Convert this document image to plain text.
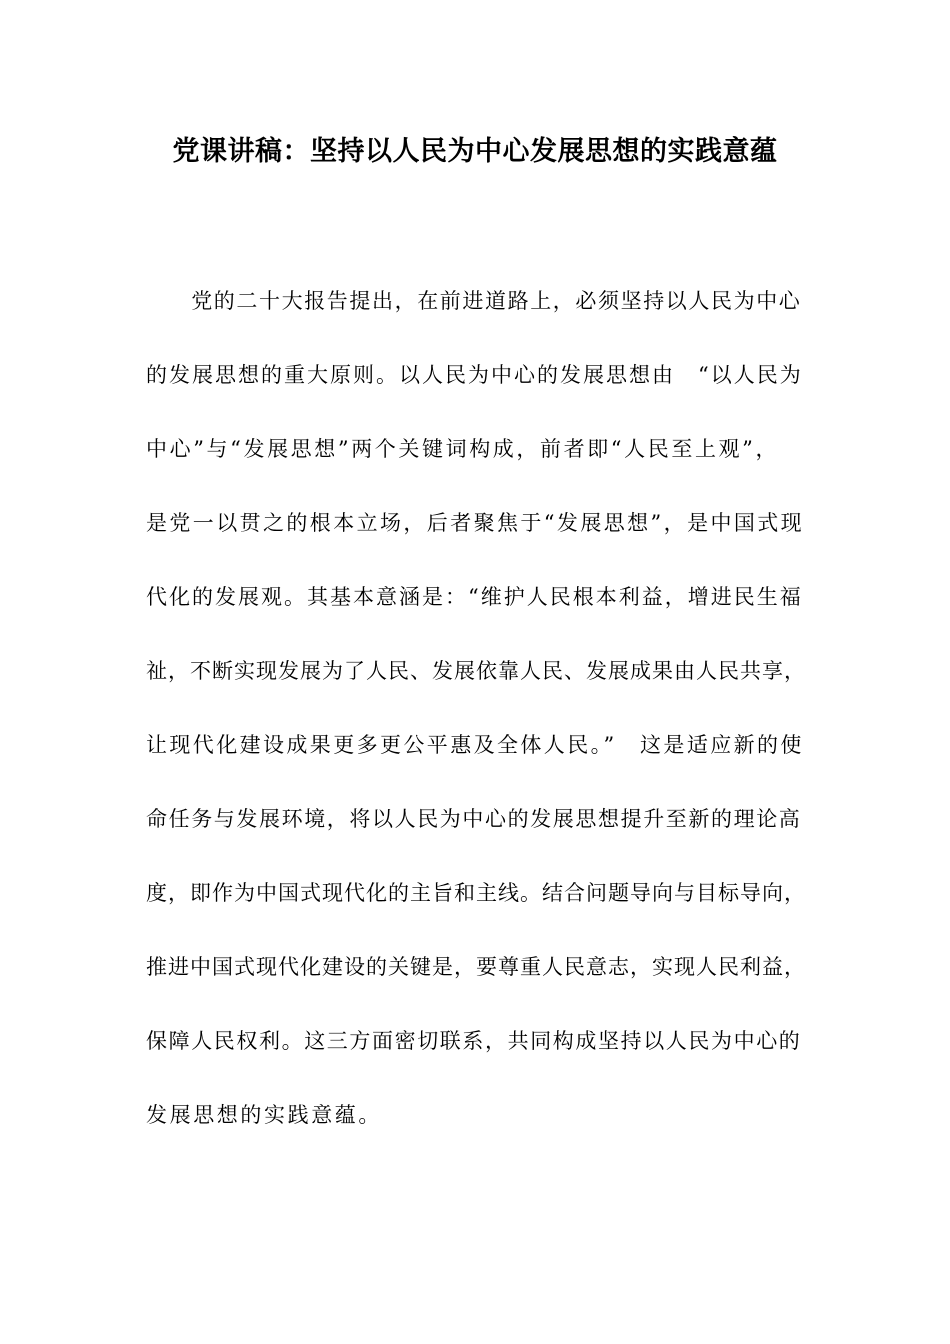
党课讲稿：坚持以人民为中心发展思想的实践意蕴

　　党的二十大报告提出，在前进道路上，必须坚持以人民为中心

的发展思想的重大原则。以人民为中心的发展思想由　“以人民为

中心”与“发展思想”两个关键词构成，前者即“人民至上观”，

是党一以贯之的根本立场，后者聚焦于“发展思想”，是中国式现

代化的发展观。其基本意涵是：“维护人民根本利益，增进民生福

祉，不断实现发展为了人民、发展依靠人民、发展成果由人民共享，

让现代化建设成果更多更公平惠及全体人民。”　这是适应新的使

命任务与发展环境，将以人民为中心的发展思想提升至新的理论高

度，即作为中国式现代化的主旨和主线。结合问题导向与目标导向，

推进中国式现代化建设的关键是，要尊重人民意志，实现人民利益，

保障人民权利。这三方面密切联系，共同构成坚持以人民为中心的

发展思想的实践意蕴。
